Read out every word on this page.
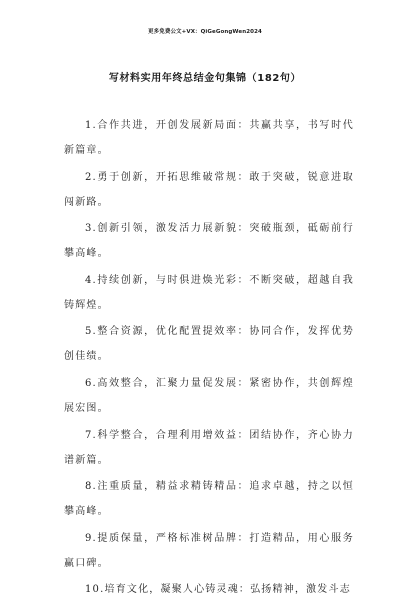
更多免费公文+VX：QiGeGongWen2024
写材料实用年终总结金句集锦（182句）

1.合作共进，开创发展新局面：共赢共享，书写时代新篇章。

2.勇于创新，开拓思维破常规：敢于突破，锐意进取闯新路。

3.创新引领，激发活力展新貌：突破瓶颈，砥砺前行攀高峰。

4.持续创新，与时俱进焕光彩：不断突破，超越自我铸辉煌。

5.整合资源，优化配置提效率：协同合作，发挥优势创佳绩。

6.高效整合，汇聚力量促发展：紧密协作，共创辉煌展宏图。

7.科学整合，合理利用增效益：团结协作，齐心协力谱新篇。

8.注重质量，精益求精铸精品：追求卓越，持之以恒攀高峰。

9.提质保量，严格标准树品牌：打造精品，用心服务赢口碑。

10.培育文化，凝聚人心铸灵魂：弘扬精神，激发斗志
